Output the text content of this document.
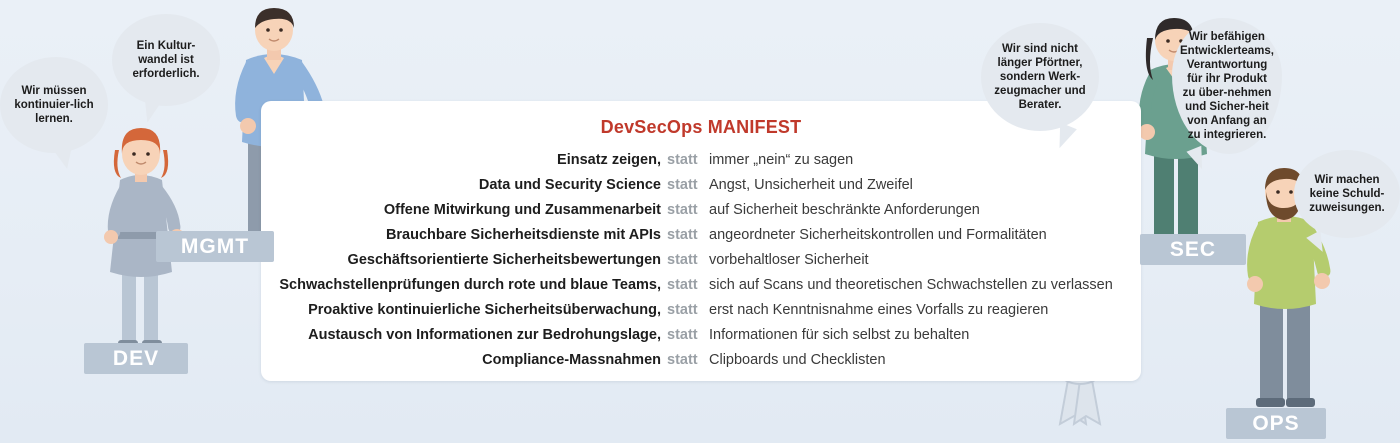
DevSecOps MANIFEST
Einsatz zeigen, statt immer „nein“ zu sagen
Data und Security Science statt Angst, Unsicherheit und Zweifel
Offene Mitwirkung und Zusammenarbeit statt auf Sicherheit beschränkte Anforderungen
Brauchbare Sicherheitsdienste mit APIs statt angeordneter Sicherheitskontrollen und Formalitäten
Geschäftsorientierte Sicherheitsbewertungen statt vorbehaltloser Sicherheit
Schwachstellenprüfungen durch rote und blaue Teams, statt sich auf Scans und theoretischen Schwachstellen zu verlassen
Proaktive kontinuierliche Sicherheitsüberwachung, statt erst nach Kenntnisnahme eines Vorfalls zu reagieren
Austausch von Informationen zur Bedrohungslage, statt Informationen für sich selbst zu behalten
Compliance-Massnahmen statt Clipboards und Checklisten
Wir müssen kontinuier-lich lernen.
Ein Kultur-wandel ist erforderlich.
Wir sind nicht länger Pförtner, sondern Werk-zeugmacher und Berater.
Wir befähigen Entwicklerteams, Verantwortung für ihr Produkt zu über-nehmen und Sicher-heit von Anfang an zu integrieren.
Wir machen keine Schuld-zuweisungen.
DEV
MGMT	SEC
OPS
